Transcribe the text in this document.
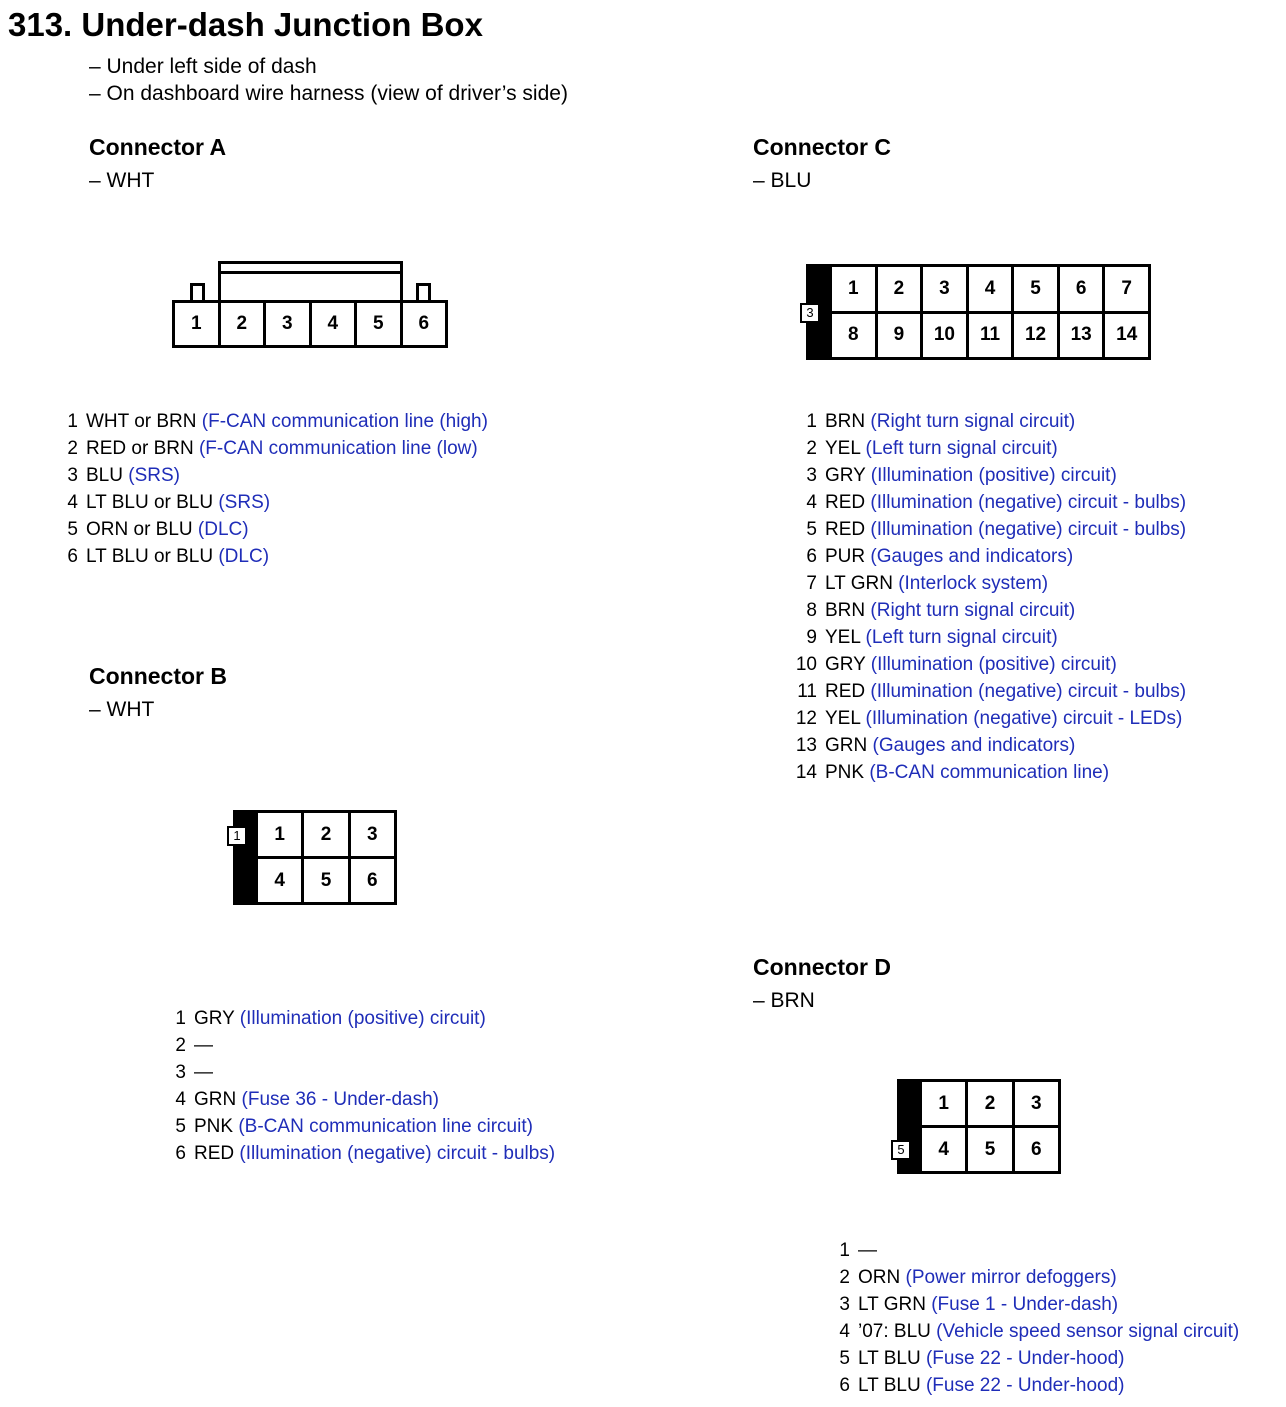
313. Under-dash Junction Box
– Under left side of dash
– On dashboard wire harness (view of driver’s side)
Connector A
– WHT
1	2	3	4	5	6
1 WHT or BRN (F-CAN communication line (high)
2 RED or BRN (F-CAN communication line (low)
3 BLU (SRS)
4 LT BLU or BLU (SRS)
5 ORN or BLU (DLC)
6 LT BLU or BLU (DLC)
Connector B
– WHT
1	2	3
4	5	6
1
1 GRY (Illumination (positive) circuit)
2 —
3 —
4 GRN (Fuse 36 - Under-dash)
5 PNK (B-CAN communication line circuit)
6 RED (Illumination (negative) circuit - bulbs)
Connector C
– BLU
1	2	3	4	5	6	7
8	9	10	11	12	13	14
3
1 BRN (Right turn signal circuit)
2 YEL (Left turn signal circuit)
3 GRY (Illumination (positive) circuit)
4 RED (Illumination (negative) circuit - bulbs)
5 RED (Illumination (negative) circuit - bulbs)
6 PUR (Gauges and indicators)
7 LT GRN (Interlock system)
8 BRN (Right turn signal circuit)
9 YEL (Left turn signal circuit)
10 GRY (Illumination (positive) circuit)
11 RED (Illumination (negative) circuit - bulbs)
12 YEL (Illumination (negative) circuit - LEDs)
13 GRN (Gauges and indicators)
14 PNK (B-CAN communication line)
Connector D
– BRN
1	2	3
4	5	6
5
1 —
2 ORN (Power mirror defoggers)
3 LT GRN (Fuse 1 - Under-dash)
4 ’07: BLU (Vehicle speed sensor signal circuit)
5 LT BLU (Fuse 22 - Under-hood)
6 LT BLU (Fuse 22 - Under-hood)
